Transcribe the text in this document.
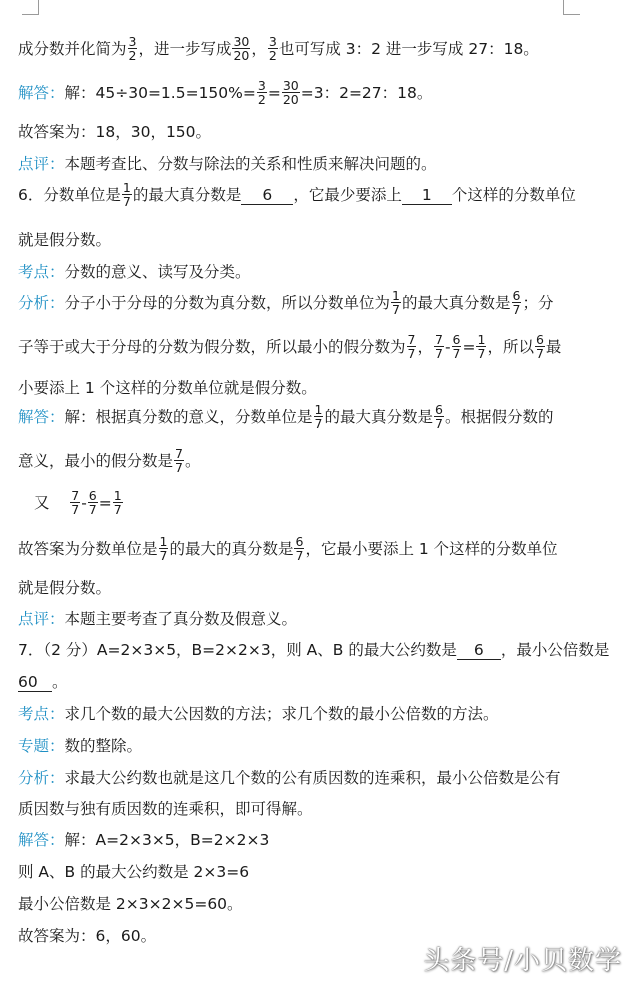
成分数并化简为 $\frac{3}{2}$ ，进一步写成 $\frac{30}{20}$ ， $\frac{3}{2}$ 也可写成 3：2 进一步写成 27：18。
解答：解：$45\div 30=1.5=150\%= \frac{3}{2} = \frac{30}{20} =3$：2=27：18。
故答案为：18，30，150。
点评：本题考查比、分数与除法的关系和性质来解决问题的。
6．分数单位是 $\frac{1}{7}$ 的最大真分数是 6 ，它最少要添上 1 个这样的分数单位
就是假分数。
考点：分数的意义、读写及分类。
分析：分子小于分母的分数为真分数，所以分数单位为 $\frac{1}{7}$ 的最大真分数是 $\frac{6}{7}$ ；分
子等于或大于分母的分数为假分数，所以最小的假分数为 $\frac{7}{7}$ ， $\frac{7}{7} - \frac{6}{7} = \frac{1}{7}$ ，所以 $\frac{6}{7}$ 最
小要添上 1 个这样的分数单位就是假分数。
解答：解：根据真分数的意义，分数单位是 $\frac{1}{7}$ 的最大真分数是 $\frac{6}{7}$ 。根据假分数的
意义，最小的假分数是 $\frac{7}{7}$ 。
又 $\frac{7}{7} - \frac{6}{7} = \frac{1}{7}$
故答案为分数单位是 $\frac{1}{7}$ 的最大的真分数是 $\frac{6}{7}$ ，它最小要添上 1 个这样的分数单位
就是假分数。
点评：本题主要考查了真分数及假意义。
7．（2 分）A=2×3×5，B=2×2×3，则 A、B 的最大公约数是 6 ，最小公倍数是
60 。
考点：求几个数的最大公因数的方法；求几个数的最小公倍数的方法。
专题：数的整除。
分析：求最大公约数也就是这几个数的公有质因数的连乘积，最小公倍数是公有
质因数与独有质因数的连乘积，即可得解。
解答：解：A=2×3×5，B=2×2×3
则 A、B 的最大公约数是 2×3=6
最小公倍数是 2×3×2×5=60。
故答案为：6，60。
头条号/小贝数学
